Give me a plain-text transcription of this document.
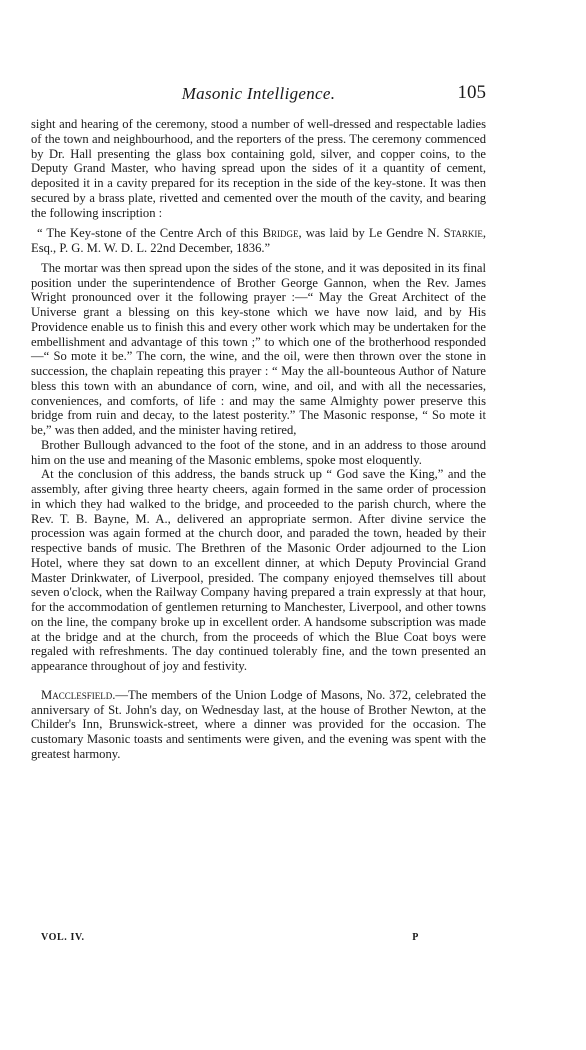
Masonic Intelligence.	105

sight and hearing of the ceremony, stood a number of well-dressed and respectable ladies of the town and neighbourhood, and the reporters of the press. The ceremony commenced by Dr. Hall presenting the glass box containing gold, silver, and copper coins, to the Deputy Grand Master, who having spread upon the sides of it a quantity of cement, deposited it in a cavity prepared for its reception in the side of the key-stone. It was then secured by a brass plate, rivetted and cemented over the mouth of the cavity, and bearing the following inscription :

“ The Key-stone of the Centre Arch of this Bridge, was laid by Le Gendre N. Starkie, Esq., P. G. M. W. D. L. 22nd December, 1836.”

The mortar was then spread upon the sides of the stone, and it was deposited in its final position under the superintendence of Brother George Gannon, when the Rev. James Wright pronounced over it the following prayer :—“ May the Great Architect of the Universe grant a blessing on this key-stone which we have now laid, and by His Providence enable us to finish this and every other work which may be undertaken for the embellishment and advantage of this town ;” to which one of the brotherhood responded—“ So mote it be.” The corn, the wine, and the oil, were then thrown over the stone in succession, the chaplain repeating this prayer : “ May the all-bounteous Author of Nature bless this town with an abundance of corn, wine, and oil, and with all the necessaries, conveniences, and comforts, of life : and may the same Almighty power preserve this bridge from ruin and decay, to the latest posterity.” The Masonic response, “ So mote it be,” was then added, and the minister having retired,

Brother Bullough advanced to the foot of the stone, and in an address to those around him on the use and meaning of the Masonic emblems, spoke most eloquently.

At the conclusion of this address, the bands struck up “ God save the King,” and the assembly, after giving three hearty cheers, again formed in the same order of procession in which they had walked to the bridge, and proceeded to the parish church, where the Rev. T. B. Bayne, M. A., delivered an appropriate sermon. After divine service the procession was again formed at the church door, and paraded the town, headed by their respective bands of music. The Brethren of the Masonic Order adjourned to the Lion Hotel, where they sat down to an excellent dinner, at which Deputy Provincial Grand Master Drinkwater, of Liverpool, presided. The company enjoyed themselves till about seven o'clock, when the Railway Company having prepared a train expressly at that hour, for the accommodation of gentlemen returning to Manchester, Liverpool, and other towns on the line, the company broke up in excellent order. A handsome subscription was made at the bridge and at the church, from the proceeds of which the Blue Coat boys were regaled with refreshments. The day continued tolerably fine, and the town presented an appearance throughout of joy and festivity.

Macclesfield.—The members of the Union Lodge of Masons, No. 372, celebrated the anniversary of St. John's day, on Wednesday last, at the house of Brother Newton, at the Childer's Inn, Brunswick-street, where a dinner was provided for the occasion. The customary Masonic toasts and sentiments were given, and the evening was spent with the greatest harmony.

VOL. IV.	P
